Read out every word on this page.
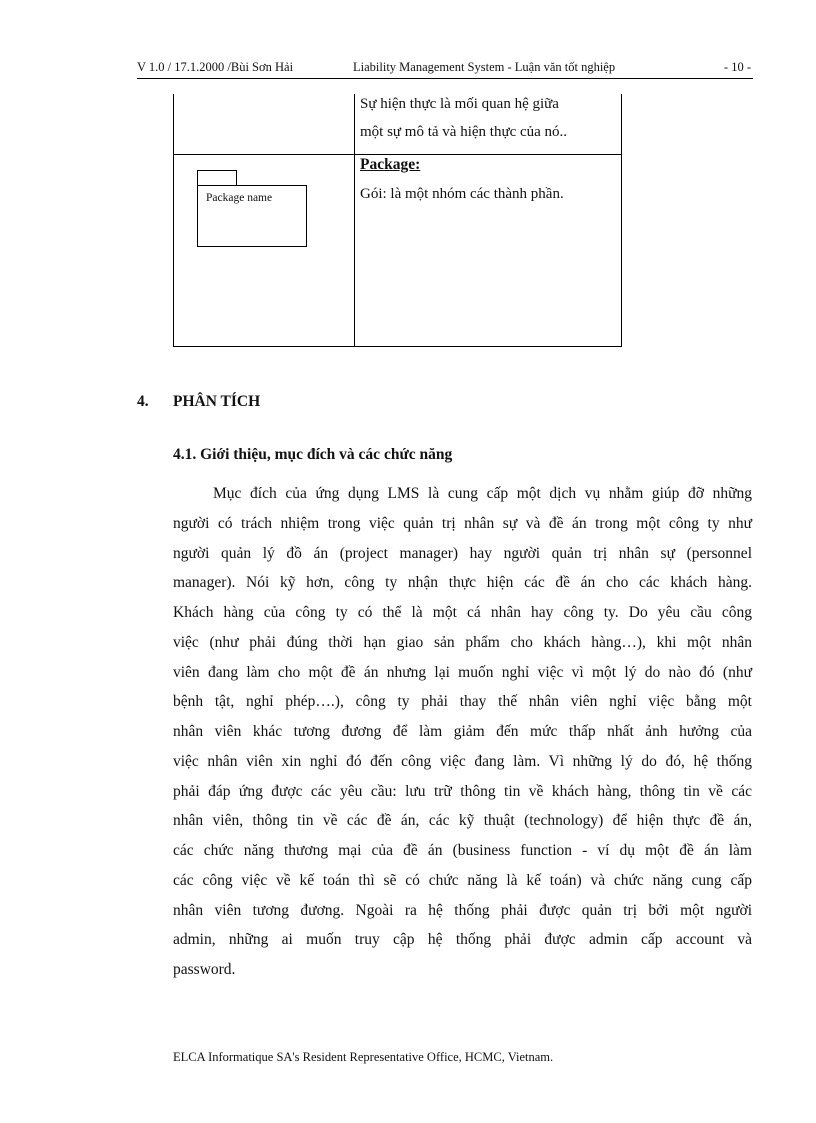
V 1.0 / 17.1.2000 /Bùi Sơn Hải	Liability Management System - Luận văn tốt nghiệp	- 10 -
Sự hiện thực là mối quan hệ giữa
một sự mô tả và hiện thực của nó..
Package name
Package:
Gói: là một nhóm các thành phần.
4. PHÂN TÍCH
4.1. Giới thiệu, mục đích và các chức năng
Mục đích của ứng dụng LMS là cung cấp một dịch vụ nhằm giúp đỡ những
người có trách nhiệm trong việc quản trị nhân sự và đề án trong một công ty như
người quản lý đồ án (project manager) hay người quản trị nhân sự (personnel
manager). Nói kỹ hơn, công ty nhận thực hiện các đề án cho các khách hàng.
Khách hàng của công ty có thể là một cá nhân hay công ty. Do yêu cầu công
việc (như phải đúng thời hạn giao sản phẩm cho khách hàng…), khi một nhân
viên đang làm cho một đề án nhưng lại muốn nghỉ việc vì một lý do nào đó (như
bệnh tật, nghỉ phép….), công ty phải thay thế nhân viên nghỉ việc bằng một
nhân viên khác tương đương để làm giảm đến mức thấp nhất ảnh hưởng của
việc nhân viên xin nghỉ đó đến công việc đang làm. Vì những lý do đó, hệ thống
phải đáp ứng được các yêu cầu: lưu trữ thông tin về khách hàng, thông tin về các
nhân viên, thông tin về các đề án, các kỹ thuật (technology) để hiện thực đề án,
các chức năng thương mại của đề án (business function - ví dụ một đề án làm
các công việc về kế toán thì sẽ có chức năng là kế toán) và chức năng cung cấp
nhân viên tương đương. Ngoài ra hệ thống phải được quản trị bởi một người
admin, những ai muốn truy cập hệ thống phải được admin cấp account và
password.
ELCA Informatique SA's Resident Representative Office, HCMC, Vietnam.
